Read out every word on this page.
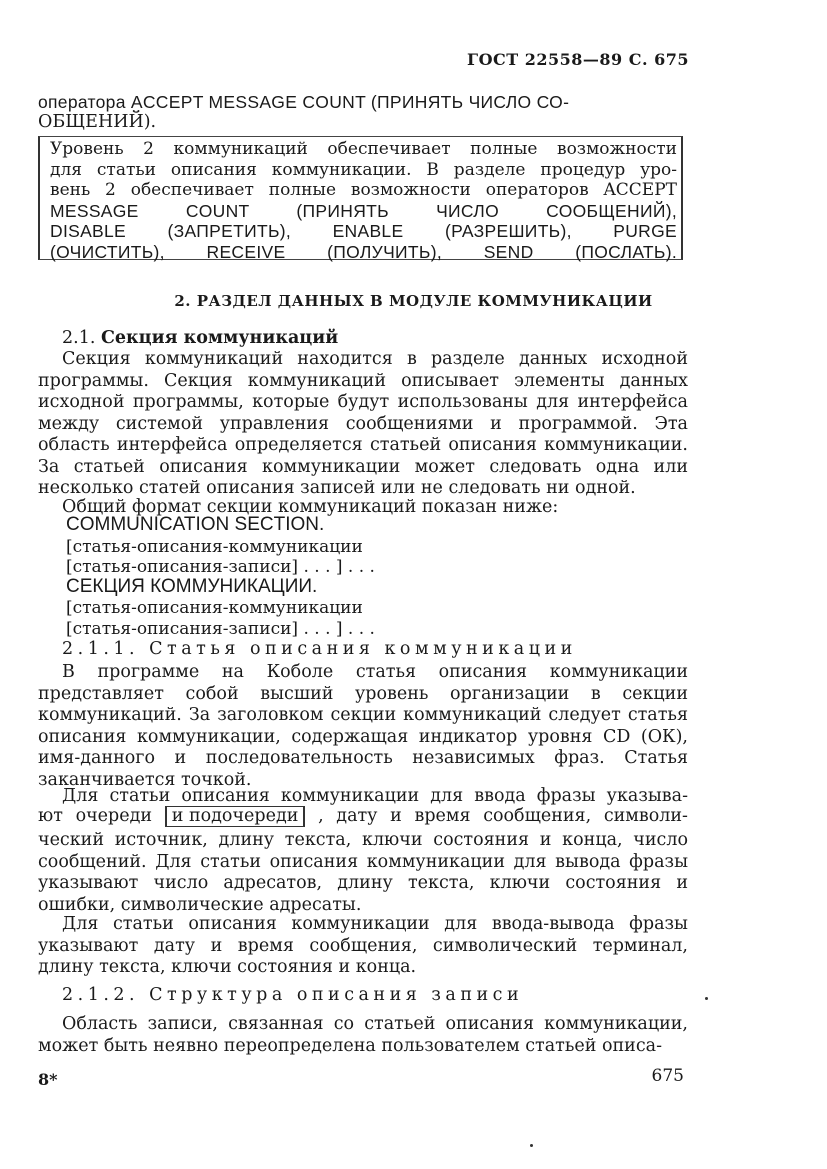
ГОСТ 22558—89 С. 675

оператора ACCEPT MESSAGE COUNT (ПРИНЯТЬ ЧИСЛО СО-

ОБЩЕНИЙ).

Уровень 2 коммуникаций обеспечивает полные возможности

для статьи описания коммуникации. В разделе процедур уро-

вень 2 обеспечивает полные возможности операторов ACCEPT

MESSAGE COUNT (ПРИНЯТЬ ЧИСЛО СООБЩЕНИЙ),

DISABLE (ЗАПРЕТИТЬ), ENABLE (РАЗРЕШИТЬ), PURGE

(ОЧИСТИТЬ), RECEIVE (ПОЛУЧИТЬ), SEND (ПОСЛАТЬ).

2. РАЗДЕЛ ДАННЫХ В МОДУЛЕ КОММУНИКАЦИИ
2.1. Секция коммуникаций

Секция коммуникаций находится в разделе данных исходной программы. Секция коммуникаций описывает элементы данных исходной программы, которые будут использованы для интерфейса между системой управления сообщениями и программой. Эта область интерфейса определяется статьей описания коммуникации. За статьей описания коммуникации может следовать одна или несколько статей описания записей или не следовать ни одной.

Общий формат секции коммуникаций показан ниже:

COMMUNICATION SECTION.

[статья-описания-коммуникации

[статья-описания-записи] . . . ] . . .

СЕКЦИЯ КОММУНИКАЦИИ.

[статья-описания-коммуникации

[статья-описания-записи] . . . ] . . .

2.1.1. Статья описания коммуникации

В программе на Коболе статья описания коммуникации представляет собой высший уровень организации в секции коммуникаций. За заголовком секции коммуникаций следует статья описания коммуникации, содержащая индикатор уровня CD (ОК), имя-данного и последовательность независимых фраз. Статья заканчивается точкой.

Для статьи описания коммуникации для ввода фразы указыва-

ют очереди и подочереди , дату и время сообщения, символи-

ческий источник, длину текста, ключи состояния и конца, число сообщений. Для статьи описания коммуникации для вывода фразы указывают число адресатов, длину текста, ключи состояния и ошибки, символические адресаты.

Для статьи описания коммуникации для ввода-вывода фразы указывают дату и время сообщения, символический терминал, длину текста, ключи состояния и конца.

2.1.2. Структура описания записи

Область записи, связанная со статьей описания коммуникации, может быть неявно переопределена пользователем статьей описа-

8*	675
